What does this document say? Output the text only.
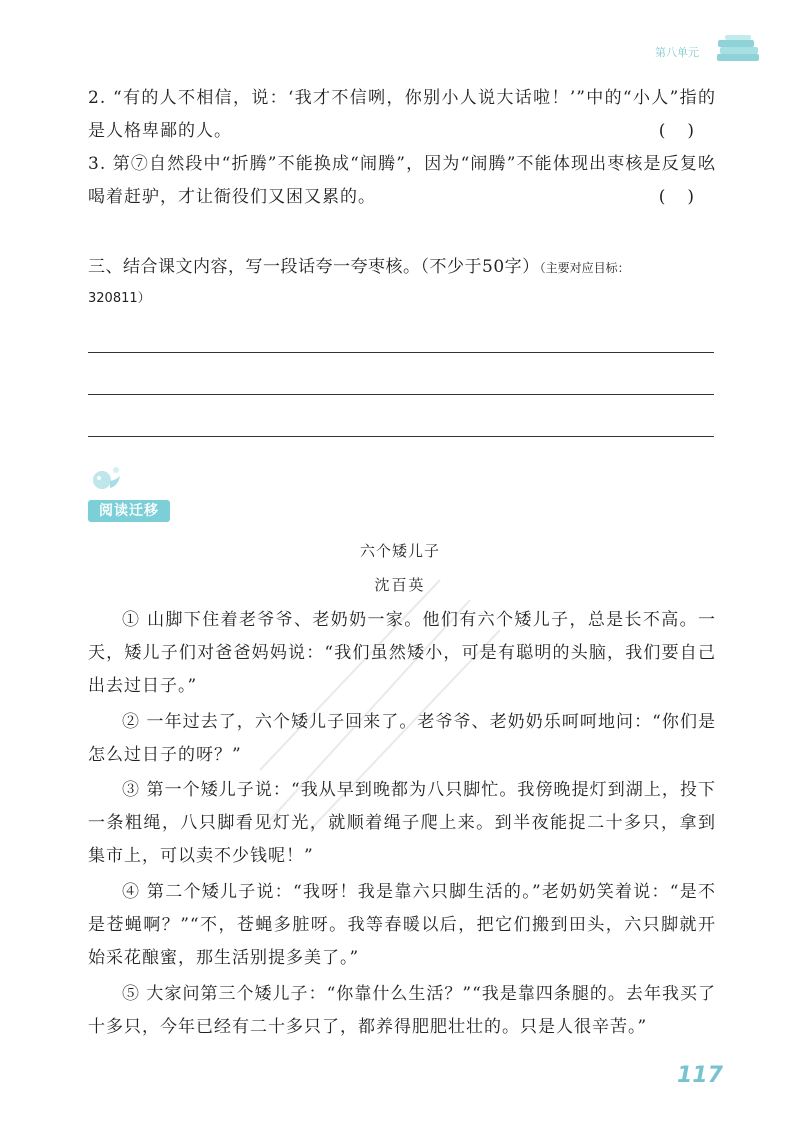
第八单元
2. “有的人不相信，说：‘我才不信咧，你别小人说大话啦！’”中的“小人”指的是人格卑鄙的人。	()
3. 第⑦自然段中“折腾”不能换成“闹腾”，因为“闹腾”不能体现出枣核是反复吆喝着赶驴，才让衙役们又困又累的。	()
三、结合课文内容，写一段话夸一夸枣核。（不少于50字）（主要对应目标：
320811）
阅读迁移
六个矮儿子
沈百英
① 山脚下住着老爷爷、老奶奶一家。他们有六个矮儿子，总是长不高。一天，矮儿子们对爸爸妈妈说：“我们虽然矮小，可是有聪明的头脑，我们要自己出去过日子。”
② 一年过去了，六个矮儿子回来了。老爷爷、老奶奶乐呵呵地问：“你们是怎么过日子的呀？”
③ 第一个矮儿子说：“我从早到晚都为八只脚忙。我傍晚提灯到湖上，投下一条粗绳，八只脚看见灯光，就顺着绳子爬上来。到半夜能捉二十多只，拿到集市上，可以卖不少钱呢！”
④ 第二个矮儿子说：“我呀！我是靠六只脚生活的。”老奶奶笑着说：“是不是苍蝇啊？”“不，苍蝇多脏呀。我等春暖以后，把它们搬到田头，六只脚就开始采花酿蜜，那生活别提多美了。”
⑤ 大家问第三个矮儿子：“你靠什么生活？”“我是靠四条腿的。去年我买了十多只，今年已经有二十多只了，都养得肥肥壮壮的。只是人很辛苦。”
117
